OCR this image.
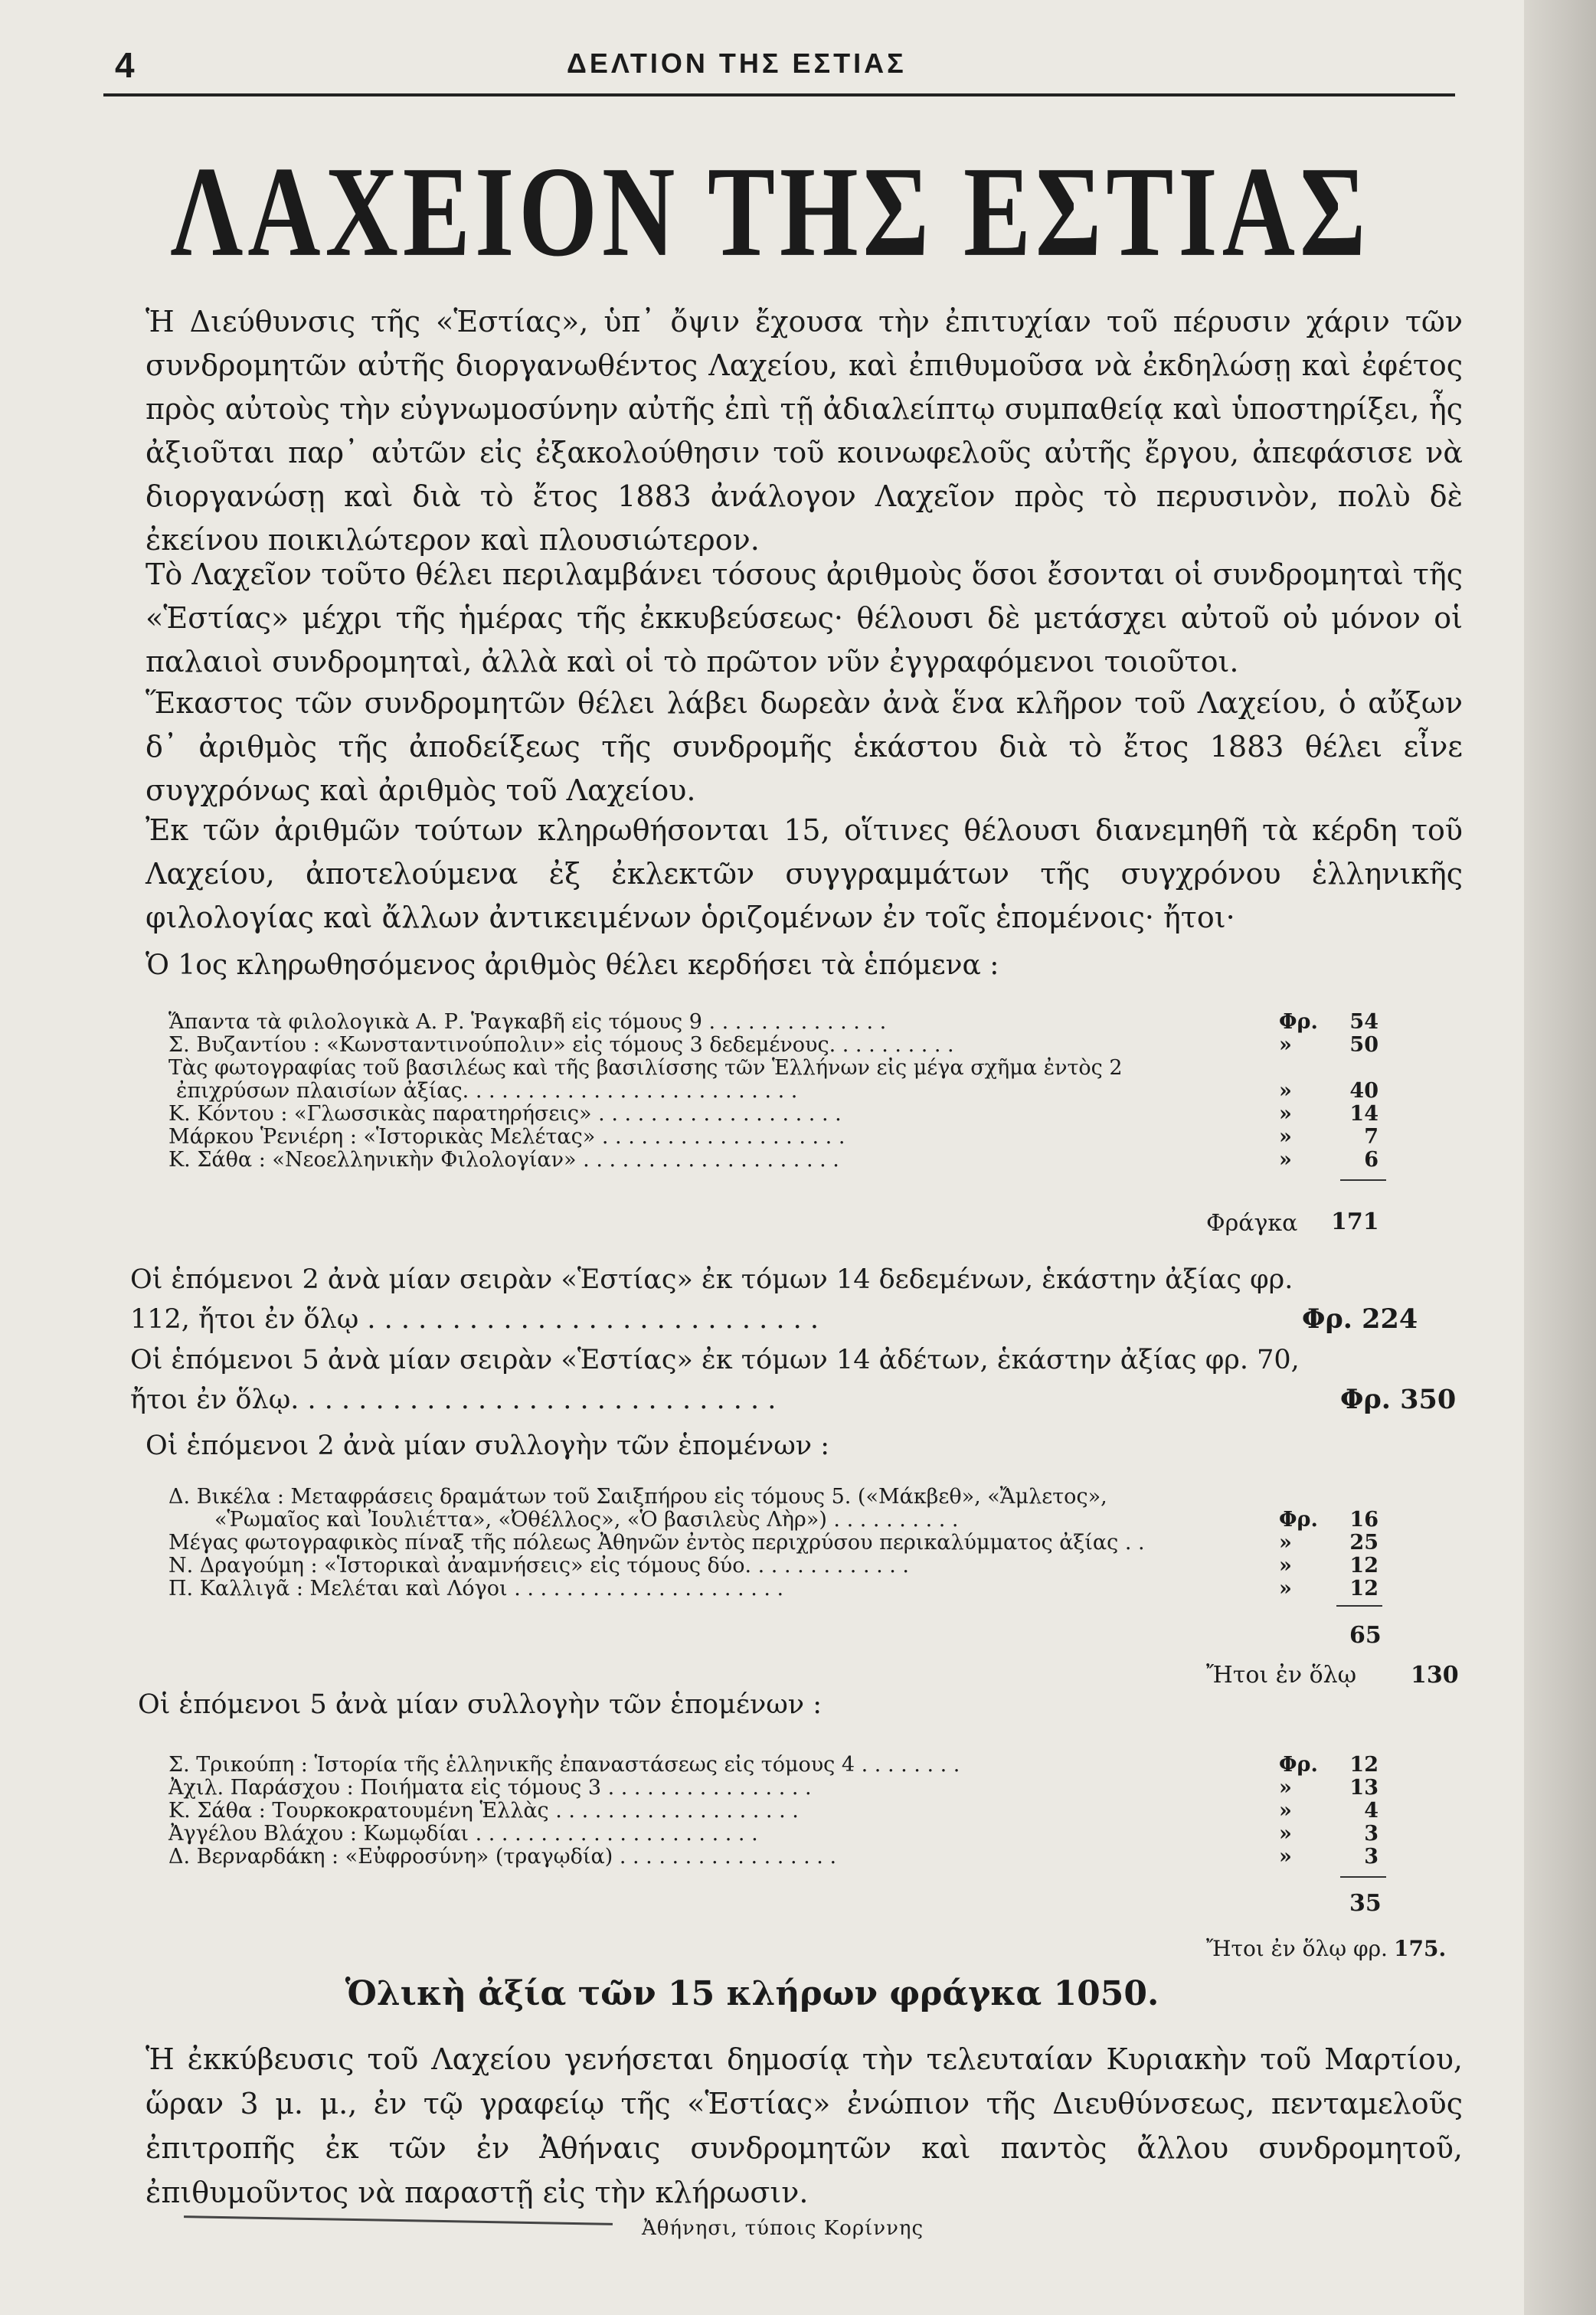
4	ΔΕΛΤΙΟΝ ΤΗΣ ΕΣΤΙΑΣ
ΛΑΧΕΙΟΝ ΤΗΣ ΕΣΤΙΑΣ

Ἡ Διεύθυνσις τῆς «Ἑστίας», ὑπ᾽ ὄψιν ἔχουσα τὴν ἐπιτυχίαν τοῦ πέρυσιν χάριν τῶν συνδρομητῶν αὐτῆς διοργανωθέντος Λαχείου, καὶ ἐπιθυμοῦσα νὰ ἐκδηλώσῃ καὶ ἐφέτος πρὸς αὐτοὺς τὴν εὐγνωμοσύνην αὐτῆς ἐπὶ τῇ ἀδιαλείπτῳ συμπαθείᾳ καὶ ὑποστηρίξει, ἧς ἀξιοῦται παρ᾽ αὐτῶν εἰς ἐξακολούθησιν τοῦ κοινωφελοῦς αὐτῆς ἔργου, ἀπεφάσισε νὰ διοργανώσῃ καὶ διὰ τὸ ἔτος 1883 ἀνάλογον Λαχεῖον πρὸς τὸ περυσινὸν, πολὺ δὲ ἐκείνου ποικιλώτερον καὶ πλουσιώτερον.

Τὸ Λαχεῖον τοῦτο θέλει περιλαμβάνει τόσους ἀριθμοὺς ὅσοι ἔσονται οἱ συνδρομηταὶ τῆς «Ἑστίας» μέχρι τῆς ἡμέρας τῆς ἐκκυβεύσεως· θέλουσι δὲ μετάσχει αὐτοῦ οὐ μόνον οἱ παλαιοὶ συνδρομηταὶ, ἀλλὰ καὶ οἱ τὸ πρῶτον νῦν ἐγγραφόμενοι τοιοῦτοι.

Ἕκαστος τῶν συνδρομητῶν θέλει λάβει δωρεὰν ἀνὰ ἕνα κλῆρον τοῦ Λαχείου, ὁ αὔξων δ᾽ ἀριθμὸς τῆς ἀποδείξεως τῆς συνδρομῆς ἑκάστου διὰ τὸ ἔτος 1883 θέλει εἶνε συγχρόνως καὶ ἀριθμὸς τοῦ Λαχείου.

Ἐκ τῶν ἀριθμῶν τούτων κληρωθήσονται 15, οἵτινες θέλουσι διανεμηθῆ τὰ κέρδη τοῦ Λαχείου, ἀποτελούμενα ἐξ ἐκλεκτῶν συγγραμμάτων τῆς συγχρόνου ἑλληνικῆς φιλολογίας καὶ ἄλλων ἀντικειμένων ὁριζομένων ἐν τοῖς ἑπομένοις· ἤτοι·

Ὁ 1ος κληρωθησόμενος ἀριθμὸς θέλει κερδήσει τὰ ἑπόμενα :
Ἅπαντα τὰ φιλολογικὰ Α. Ρ. Ῥαγκαβῆ εἰς τόμους 9 . . . . . . . . . . . . . .	Φρ.	54
Σ. Βυζαντίου : «Κωνσταντινούπολιν» εἰς τόμους 3 δεδεμένους. . . . . . . . . .	»	50
Τὰς φωτογραφίας τοῦ βασιλέως καὶ τῆς βασιλίσσης τῶν Ἑλλήνων εἰς μέγα σχῆμα ἐντὸς 2
ἐπιχρύσων πλαισίων ἀξίας. . . . . . . . . . . . . . . . . . . . . . . . . .	»	40
Κ. Κόντου : «Γλωσσικὰς παρατηρήσεις» . . . . . . . . . . . . . . . . . . .	»	14
Μάρκου Ῥενιέρη : «Ἱστορικὰς Μελέτας» . . . . . . . . . . . . . . . . . . .	»	7
Κ. Σάθα : «Νεοελληνικὴν Φιλολογίαν» . . . . . . . . . . . . . . . . . . . .	»	6
Φράγκα 171
Οἱ ἑπόμενοι 2 ἀνὰ μίαν σειρὰν «Ἑστίας» ἐκ τόμων 14 δεδεμένων, ἑκάστην ἀξίας φρ.
112, ἤτοι ἐν ὅλῳ . . . . . . . . . . . . . . . . . . . . . . . . . . .	Φρ. 224
Οἱ ἑπόμενοι 5 ἀνὰ μίαν σειρὰν «Ἑστίας» ἐκ τόμων 14 ἀδέτων, ἑκάστην ἀξίας φρ. 70,
ἤτοι ἐν ὅλῳ. . . . . . . . . . . . . . . . . . . . . . . . . . . . .	Φρ. 350
Οἱ ἑπόμενοι 2 ἀνὰ μίαν συλλογὴν τῶν ἑπομένων :
Δ. Βικέλα : Μεταφράσεις δραμάτων τοῦ Σαιξπήρου εἰς τόμους 5. («Μάκβεθ», «Ἄμλετος»,
«Ῥωμαῖος καὶ Ἰουλιέττα», «Ὀθέλλος», «Ὁ βασιλεὺς Λὴρ») . . . . . . . . . .	Φρ.	16
Μέγας φωτογραφικὸς πίναξ τῆς πόλεως Ἀθηνῶν ἐντὸς περιχρύσου περικαλύμματος ἀξίας . .	»	25
Ν. Δραγούμη : «Ἱστορικαὶ ἀναμνήσεις» εἰς τόμους δύο. . . . . . . . . . . . .	»	12
Π. Καλλιγᾶ : Μελέται καὶ Λόγοι . . . . . . . . . . . . . . . . . . . . .	»	12
65
Ἤτοι ἐν ὅλῳ 130
Οἱ ἑπόμενοι 5 ἀνὰ μίαν συλλογὴν τῶν ἑπομένων :
Σ. Τρικούπη : Ἱστορία τῆς ἑλληνικῆς ἐπαναστάσεως εἰς τόμους 4 . . . . . . . .	Φρ.	12
Ἀχιλ. Παράσχου : Ποιήματα εἰς τόμους 3 . . . . . . . . . . . . . . . .	»	13
Κ. Σάθα : Τουρκοκρατουμένη Ἑλλὰς . . . . . . . . . . . . . . . . . . .	»	4
Ἀγγέλου Βλάχου : Κωμῳδίαι . . . . . . . . . . . . . . . . . . . . . .	»	3
Δ. Βερναρδάκη : «Εὐφροσύνη» (τραγῳδία) . . . . . . . . . . . . . . . . .	»	3
35
Ἤτοι ἐν ὅλῳ φρ. 175.
Ὁλικὴ ἀξία τῶν 15 κλήρων φράγκα 1050.

Ἡ ἐκκύβευσις τοῦ Λαχείου γενήσεται δημοσίᾳ τὴν τελευταίαν Κυριακὴν τοῦ Μαρτίου, ὥραν 3 μ. μ., ἐν τῷ γραφείῳ τῆς «Ἑστίας» ἐνώπιον τῆς Διευθύνσεως, πενταμελοῦς ἐπιτροπῆς ἐκ τῶν ἐν Ἀθήναις συνδρομητῶν καὶ παντὸς ἄλλου συνδρομητοῦ, ἐπιθυμοῦντος νὰ παραστῇ εἰς τὴν κλήρωσιν.

Ἀθήνησι, τύποις Κορίννης
